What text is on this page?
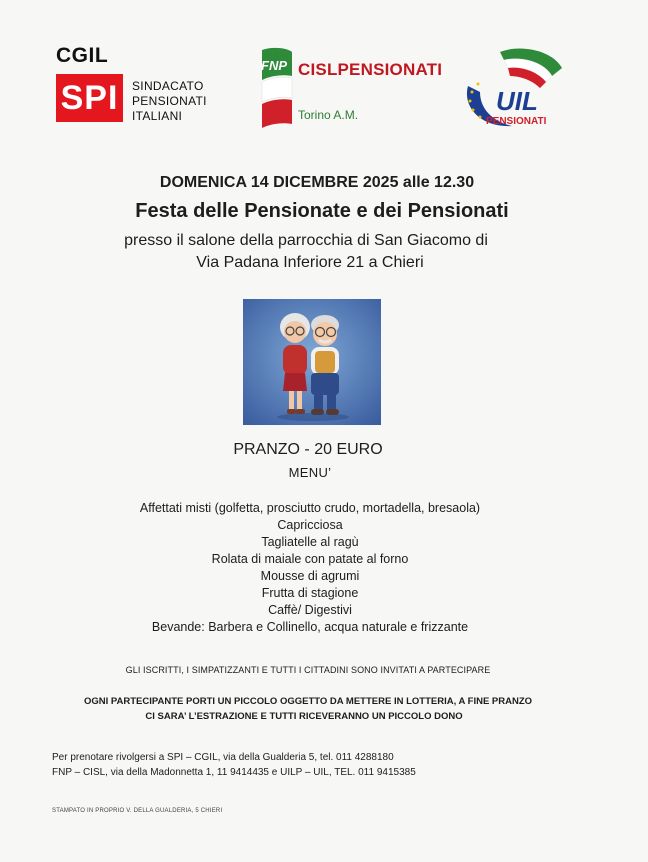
CGIL
SPI	SINDACATO
PENSIONATI
ITALIANI
FNP CISLPENSIONATI
Torino A.M.	UIL
PENSIONATI
DOMENICA 14 DICEMBRE 2025 alle 12.30
Festa delle Pensionate e dei Pensionati
presso il salone della parrocchia di San Giacomo di
Via Padana Inferiore 21 a Chieri
PRANZO - 20 EURO
MENU’
Affettati misti (golfetta, prosciutto crudo, mortadella, bresaola)
Capricciosa
Tagliatelle al ragù
Rolata di maiale con patate al forno
Mousse di agrumi
Frutta di stagione
Caffè/ Digestivi
Bevande: Barbera e Collinello, acqua naturale e frizzante
GLI ISCRITTI, I SIMPATIZZANTI E TUTTI I CITTADINI SONO INVITATI A PARTECIPARE
OGNI PARTECIPANTE PORTI UN PICCOLO OGGETTO DA METTERE IN LOTTERIA, A FINE PRANZO
CI SARA’ L’ESTRAZIONE E TUTTI RICEVERANNO UN PICCOLO DONO
Per prenotare rivolgersi a SPI – CGIL, via della Gualderia 5, tel. 011 4288180
FNP – CISL, via della Madonnetta 1, 11 9414435 e UILP – UIL, TEL. 011 9415385
STAMPATO IN PROPRIO V. DELLA GUALDERIA, 5 CHIERI
